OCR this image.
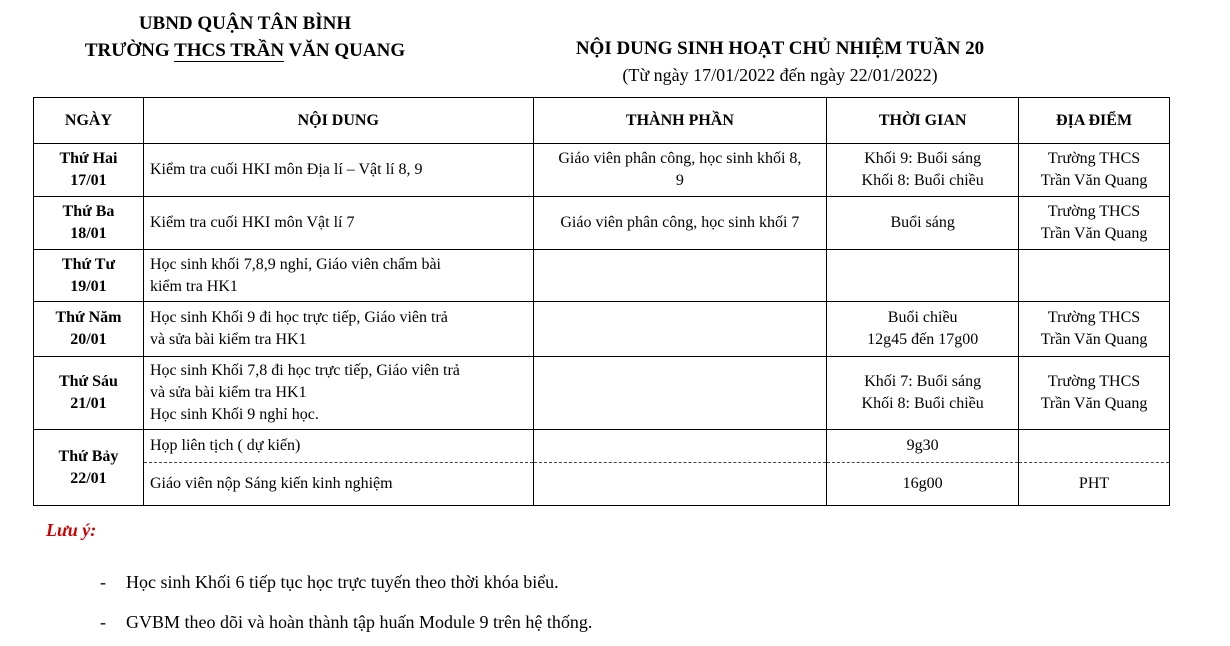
UBND QUẬN TÂN BÌNH
TRƯỜNG THCS TRẦN VĂN QUANG	NỘI DUNG SINH HOẠT CHỦ NHIỆM TUẦN 20
(Từ ngày 17/01/2022 đến ngày 22/01/2022)
NGÀY	NỘI DUNG	THÀNH PHẦN	THỜI GIAN	ĐỊA ĐIỂM

Thứ Hai
17/01	Kiểm tra cuối HKI môn Địa lí – Vật lí 8, 9	Giáo viên phân công, học sinh khối 8,
9	Khối 9: Buổi sáng
Khối 8: Buổi chiều	Trường THCS
Trần Văn Quang

Thứ Ba
18/01	Kiểm tra cuối HKI môn Vật lí 7	Giáo viên phân công, học sinh khối 7	Buổi sáng	Trường THCS
Trần Văn Quang

Thứ Tư
19/01	Học sinh khối 7,8,9 nghỉ, Giáo viên chấm bài
kiểm tra HK1			

Thứ Năm
20/01	Học sinh Khối 9 đi học trực tiếp, Giáo viên trả
và sửa bài kiểm tra HK1		Buổi chiều
12g45 đến 17g00	Trường THCS
Trần Văn Quang

Thứ Sáu
21/01	Học sinh Khối 7,8 đi học trực tiếp, Giáo viên trả
và sửa bài kiểm tra HK1
Học sinh Khối 9 nghỉ học.		Khối 7: Buổi sáng
Khối 8: Buổi chiều	Trường THCS
Trần Văn Quang

Thứ Bảy
22/01	Họp liên tịch ( dự kiến)		9g30	
	Giáo viên nộp Sáng kiến kinh nghiệm		16g00	PHT
Lưu ý:
-	Học sinh Khối 6 tiếp tục học trực tuyến theo thời khóa biểu.
-	GVBM theo dõi và hoàn thành tập huấn Module 9 trên hệ thống.
